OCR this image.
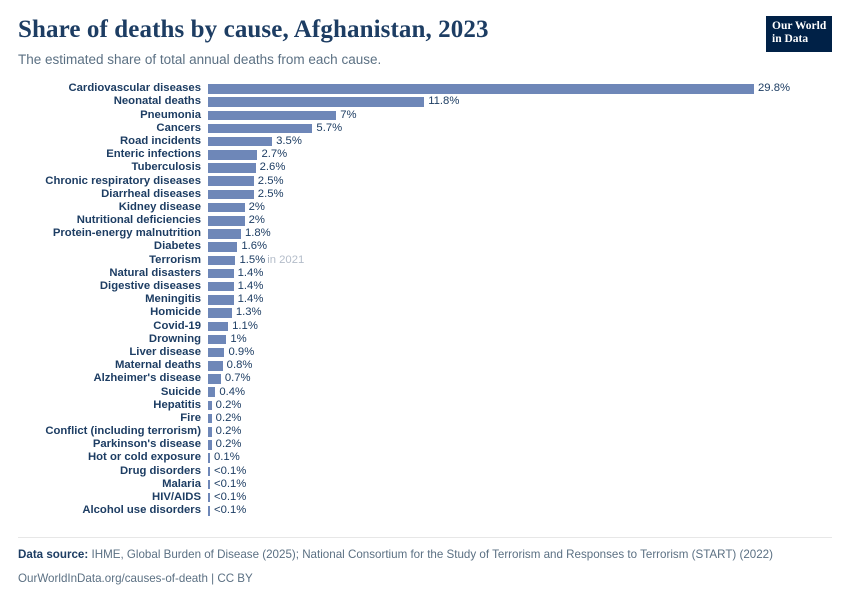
Share of deaths by cause, Afghanistan, 2023

The estimated share of total annual deaths from each cause.

Our World
in Data
Cardiovascular diseases	29.8%
Neonatal deaths	11.8%
Pneumonia	7%
Cancers	5.7%
Road incidents	3.5%
Enteric infections	2.7%
Tuberculosis	2.6%
Chronic respiratory diseases	2.5%
Diarrheal diseases	2.5%
Kidney disease	2%
Nutritional deficiencies	2%
Protein-energy malnutrition	1.8%
Diabetes	1.6%
Terrorism	1.5% in 2021
Natural disasters	1.4%
Digestive diseases	1.4%
Meningitis	1.4%
Homicide	1.3%
Covid-19	1.1%
Drowning	1%
Liver disease	0.9%
Maternal deaths	0.8%
Alzheimer's disease	0.7%
Suicide	0.4%
Hepatitis	0.2%
Fire	0.2%
Conflict (including terrorism)	0.2%
Parkinson's disease	0.2%
Hot or cold exposure	0.1%
Drug disorders	<0.1%
Malaria	<0.1%
HIV/AIDS	<0.1%
Alcohol use disorders	<0.1%

Data source: IHME, Global Burden of Disease (2025); National Consortium for the Study of Terrorism and Responses to Terrorism (START) (2022)

OurWorldInData.org/causes-of-death | CC BY
